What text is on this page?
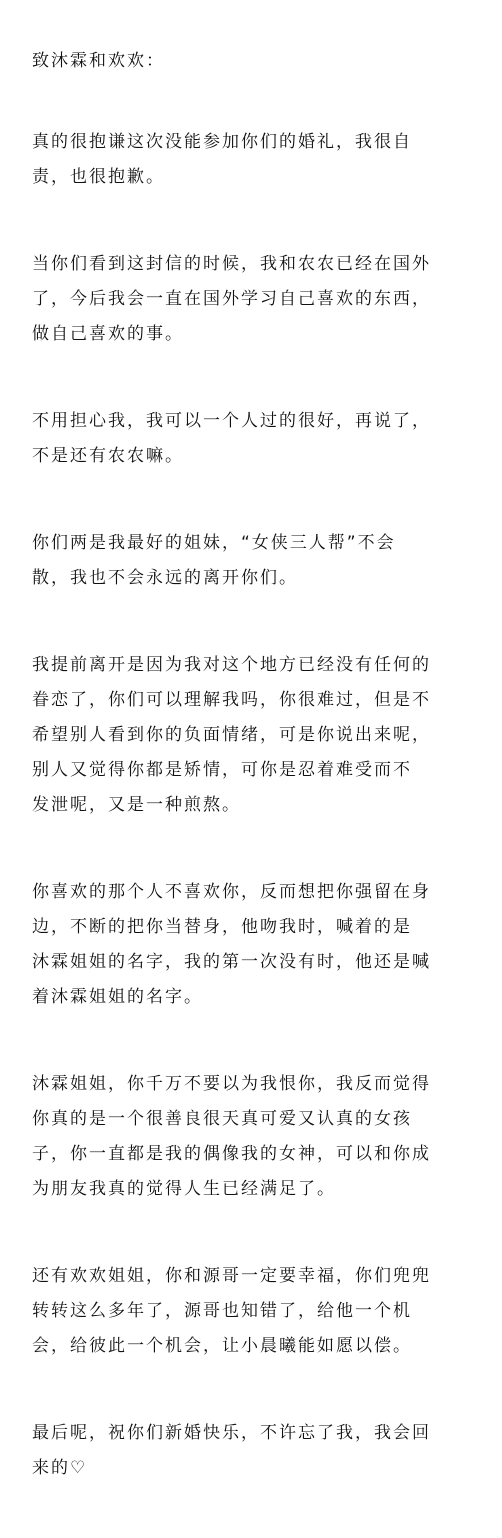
致沐霖和欢欢：
真的很抱谦这次没能参加你们的婚礼，我很自
责，也很抱歉。
当你们看到这封信的时候，我和农农已经在国外
了，今后我会一直在国外学习自己喜欢的东西，
做自己喜欢的事。
不用担心我，我可以一个人过的很好，再说了，
不是还有农农嘛。
你们两是我最好的姐妹，“女侠三人帮”不会
散，我也不会永远的离开你们。
我提前离开是因为我对这个地方已经没有任何的
眷恋了，你们可以理解我吗，你很难过，但是不
希望别人看到你的负面情绪，可是你说出来呢，
别人又觉得你都是矫情，可你是忍着难受而不
发泄呢，又是一种煎熬。
你喜欢的那个人不喜欢你，反而想把你强留在身
边，不断的把你当替身，他吻我时，喊着的是
沐霖姐姐的名字，我的第一次没有时，他还是喊
着沐霖姐姐的名字。
沐霖姐姐，你千万不要以为我恨你，我反而觉得
你真的是一个很善良很天真可爱又认真的女孩
子，你一直都是我的偶像我的女神，可以和你成
为朋友我真的觉得人生已经满足了。
还有欢欢姐姐，你和源哥一定要幸福，你们兜兜
转转这么多年了，源哥也知错了，给他一个机
会，给彼此一个机会，让小晨曦能如愿以偿。
最后呢，祝你们新婚快乐，不许忘了我，我会回
来的♡
